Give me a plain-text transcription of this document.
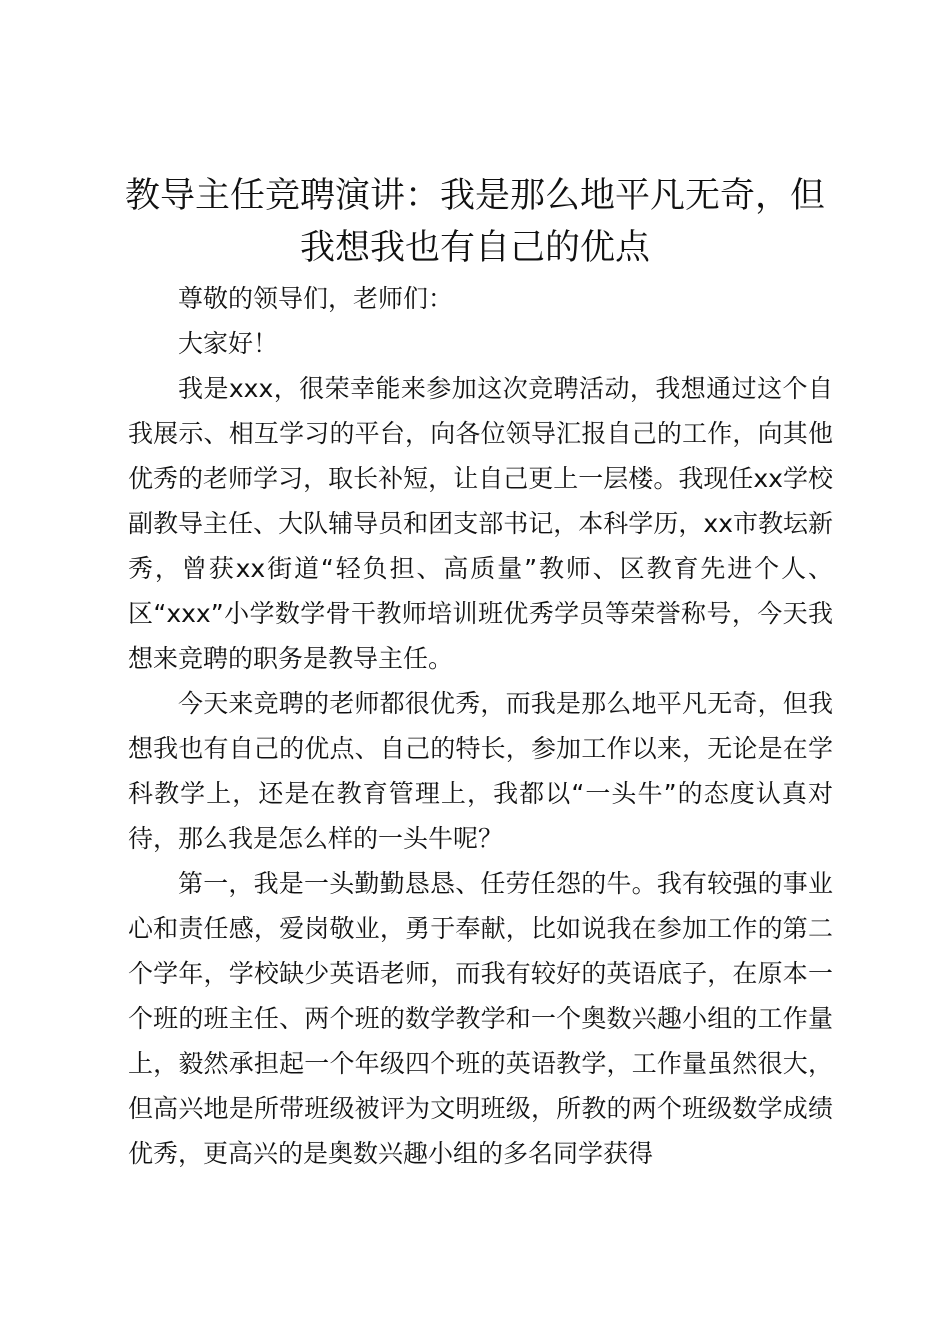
教导主任竞聘演讲：我是那么地平凡无奇，但我想我也有自己的优点

尊敬的领导们，老师们：

大家好！

我是xxx，很荣幸能来参加这次竞聘活动，我想通过这个自我展示、相互学习的平台，向各位领导汇报自己的工作，向其他优秀的老师学习，取长补短，让自己更上一层楼。我现任xx学校副教导主任、大队辅导员和团支部书记，本科学历，xx市教坛新秀，曾获xx街道“轻负担、高质量”教师、区教育先进个人、区“xxx”小学数学骨干教师培训班优秀学员等荣誉称号，今天我想来竞聘的职务是教导主任。

今天来竞聘的老师都很优秀，而我是那么地平凡无奇，但我想我也有自己的优点、自己的特长，参加工作以来，无论是在学科教学上，还是在教育管理上，我都以“一头牛”的态度认真对待，那么我是怎么样的一头牛呢？

第一，我是一头勤勤恳恳、任劳任怨的牛。我有较强的事业心和责任感，爱岗敬业，勇于奉献，比如说我在参加工作的第二个学年，学校缺少英语老师，而我有较好的英语底子，在原本一个班的班主任、两个班的数学教学和一个奥数兴趣小组的工作量上，毅然承担起一个年级四个班的英语教学，工作量虽然很大，但高兴地是所带班级被评为文明班级，所教的两个班级数学成绩优秀，更高兴的是奥数兴趣小组的多名同学获得
